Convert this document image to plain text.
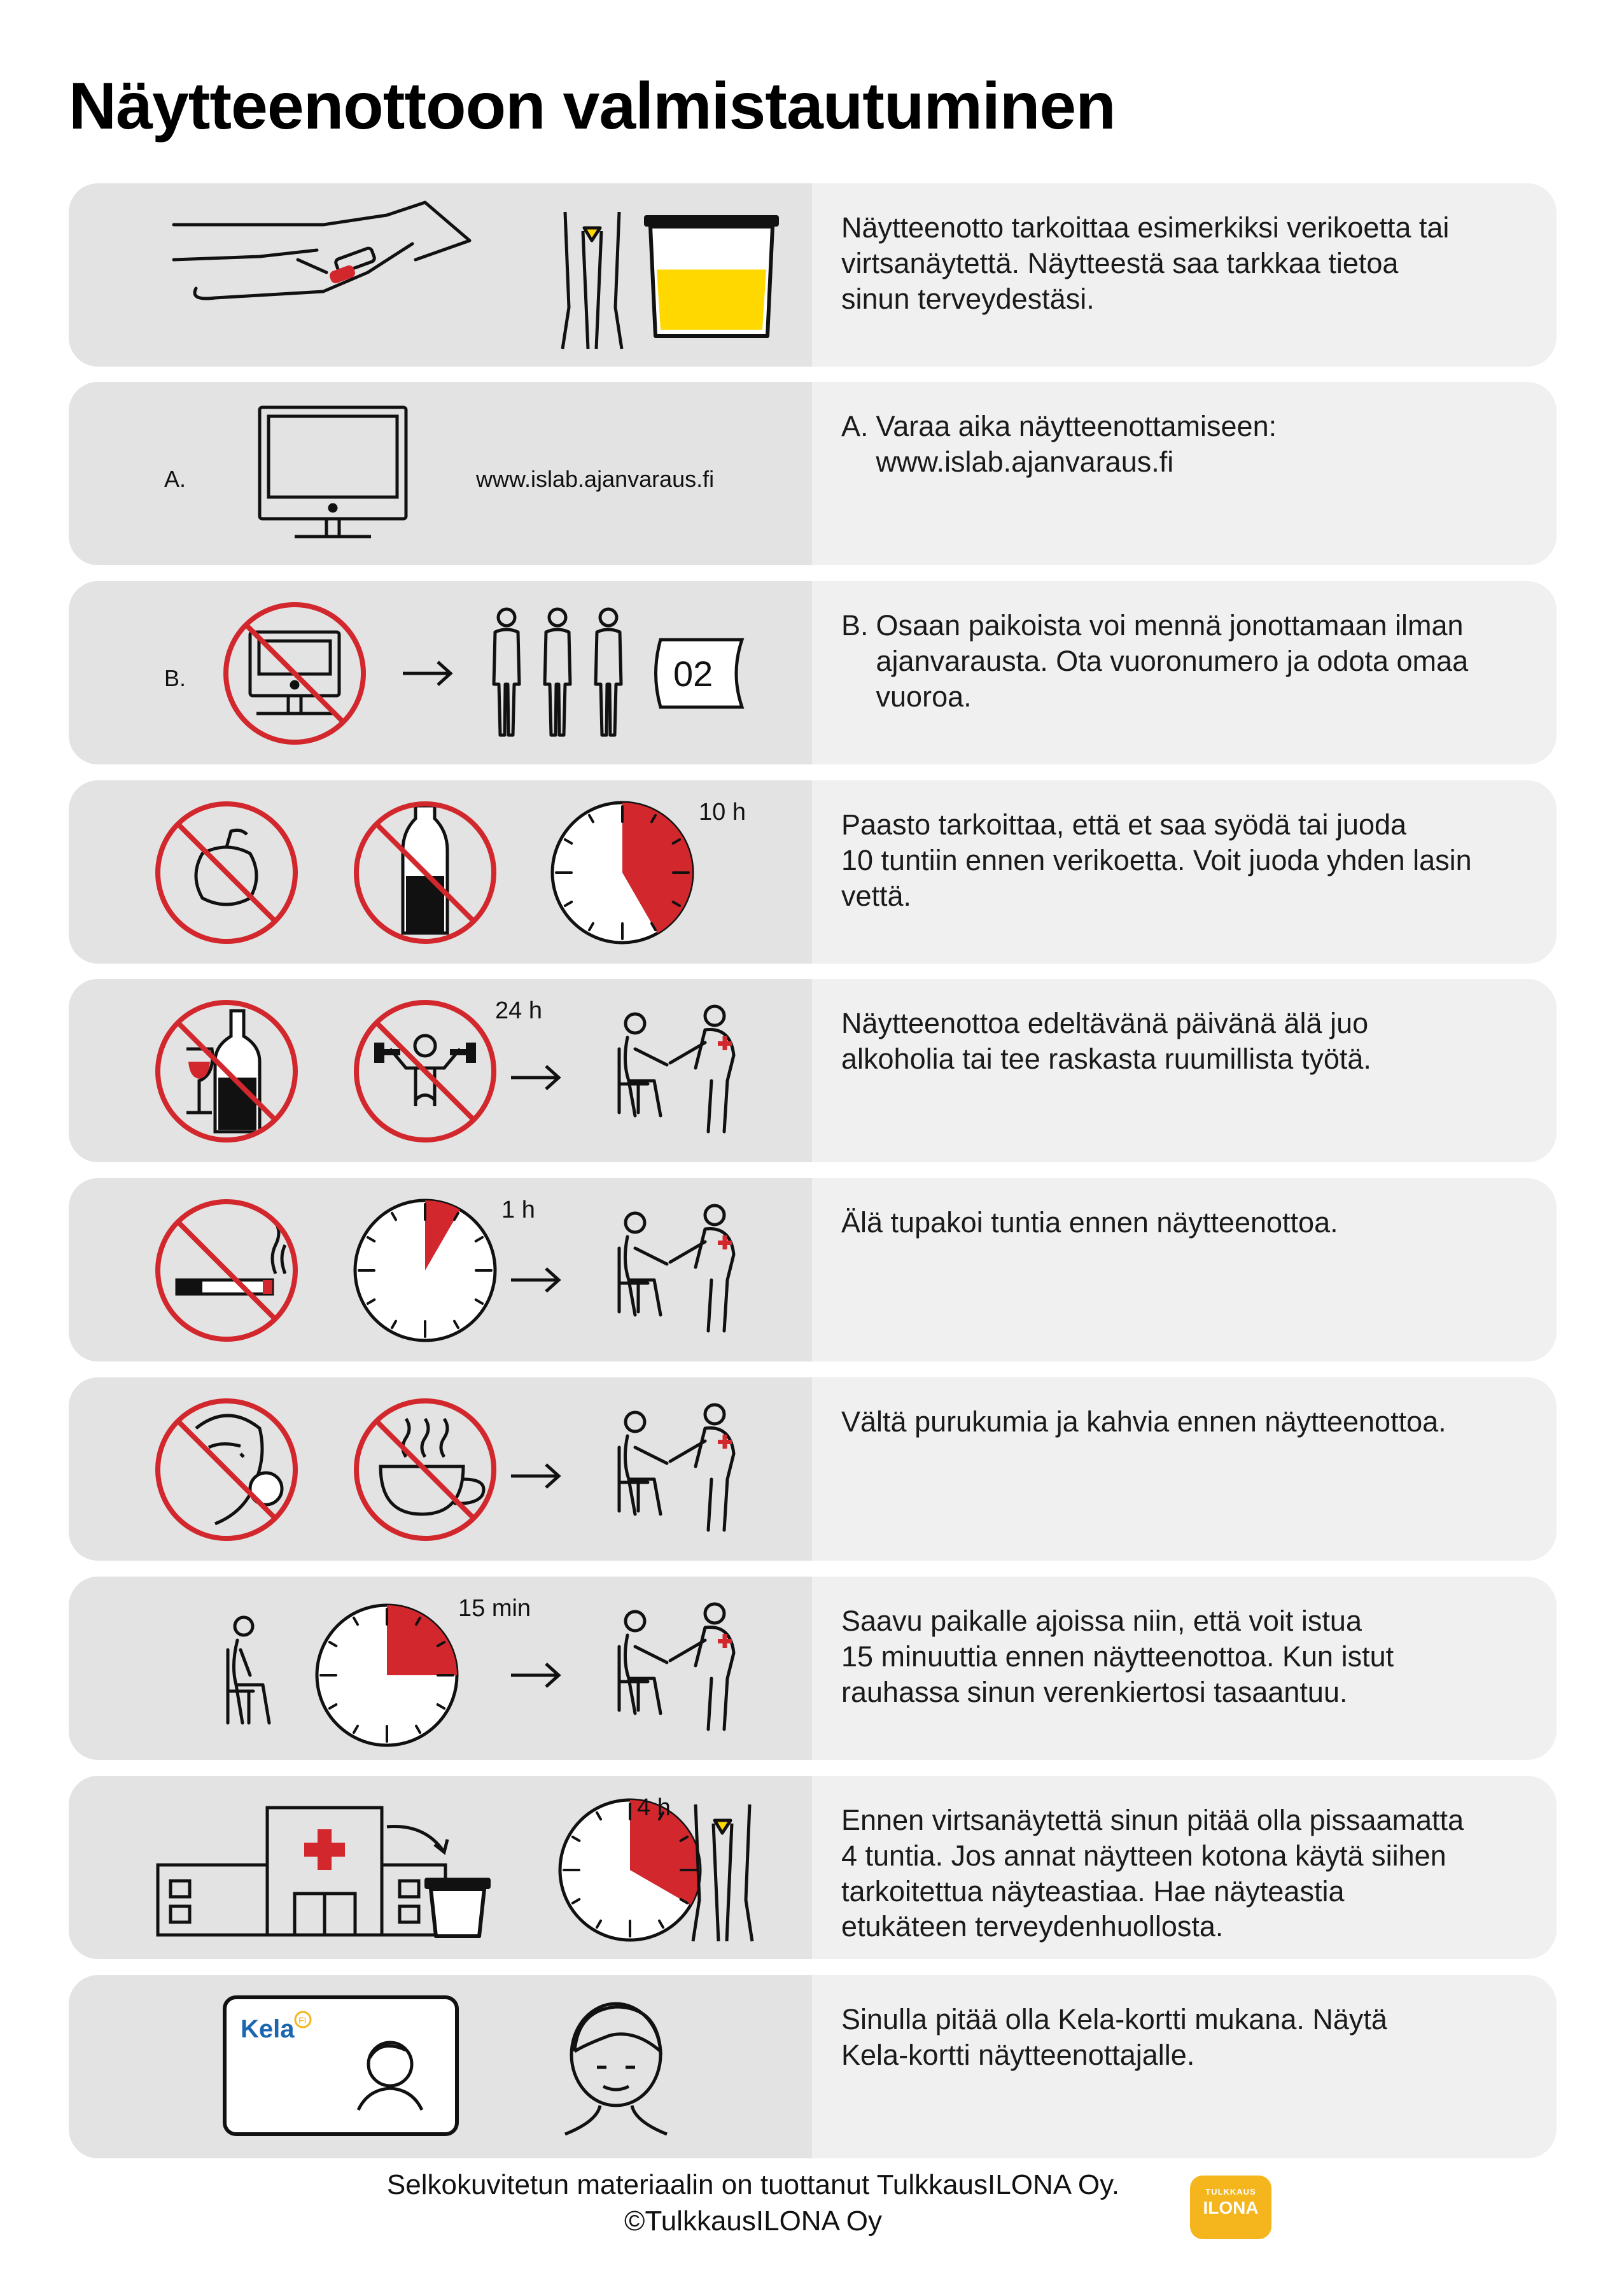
Näytteenottoon valmistautuminen
Näytteenotto tarkoittaa esimerkiksi verikoetta tai
virtsanäytettä. Näytteestä saa tarkkaa tietoa
sinun terveydestäsi.
A.	www.islab.ajanvaraus.fi
A. Varaa aika näytteenottamiseen:
www.islab.ajanvaraus.fi
B.	02
B. Osaan paikoista voi mennä jonottamaan ilman
ajanvarausta. Ota vuoronumero ja odota omaa
vuoroa.
10 h	Paasto tarkoittaa, että et saa syödä tai juoda
10 tuntiin ennen verikoetta. Voit juoda yhden lasin
vettä.
24 h	Näytteenottoa edeltävänä päivänä älä juo
alkoholia tai tee raskasta ruumillista työtä.
1 h	Älä tupakoi tuntia ennen näytteenottoa.
Vältä purukumia ja kahvia ennen näytteenottoa.
15 min	Saavu paikalle ajoissa niin, että voit istua
15 minuuttia ennen näytteenottoa. Kun istut
rauhassa sinun verenkiertosi tasaantuu.
4 h	Ennen virtsanäytettä sinun pitää olla pissaamatta
4 tuntia. Jos annat näytteen kotona käytä siihen
tarkoitettua näyteastiaa. Hae näyteastia
etukäteen terveydenhuollosta.
Kela FI	Sinulla pitää olla Kela-kortti mukana. Näytä
Kela-kortti näytteenottajalle.
Selkokuvitetun materiaalin on tuottanut TulkkausILONA Oy.
©TulkkausILONA Oy
TULKKAUS
ILONA
